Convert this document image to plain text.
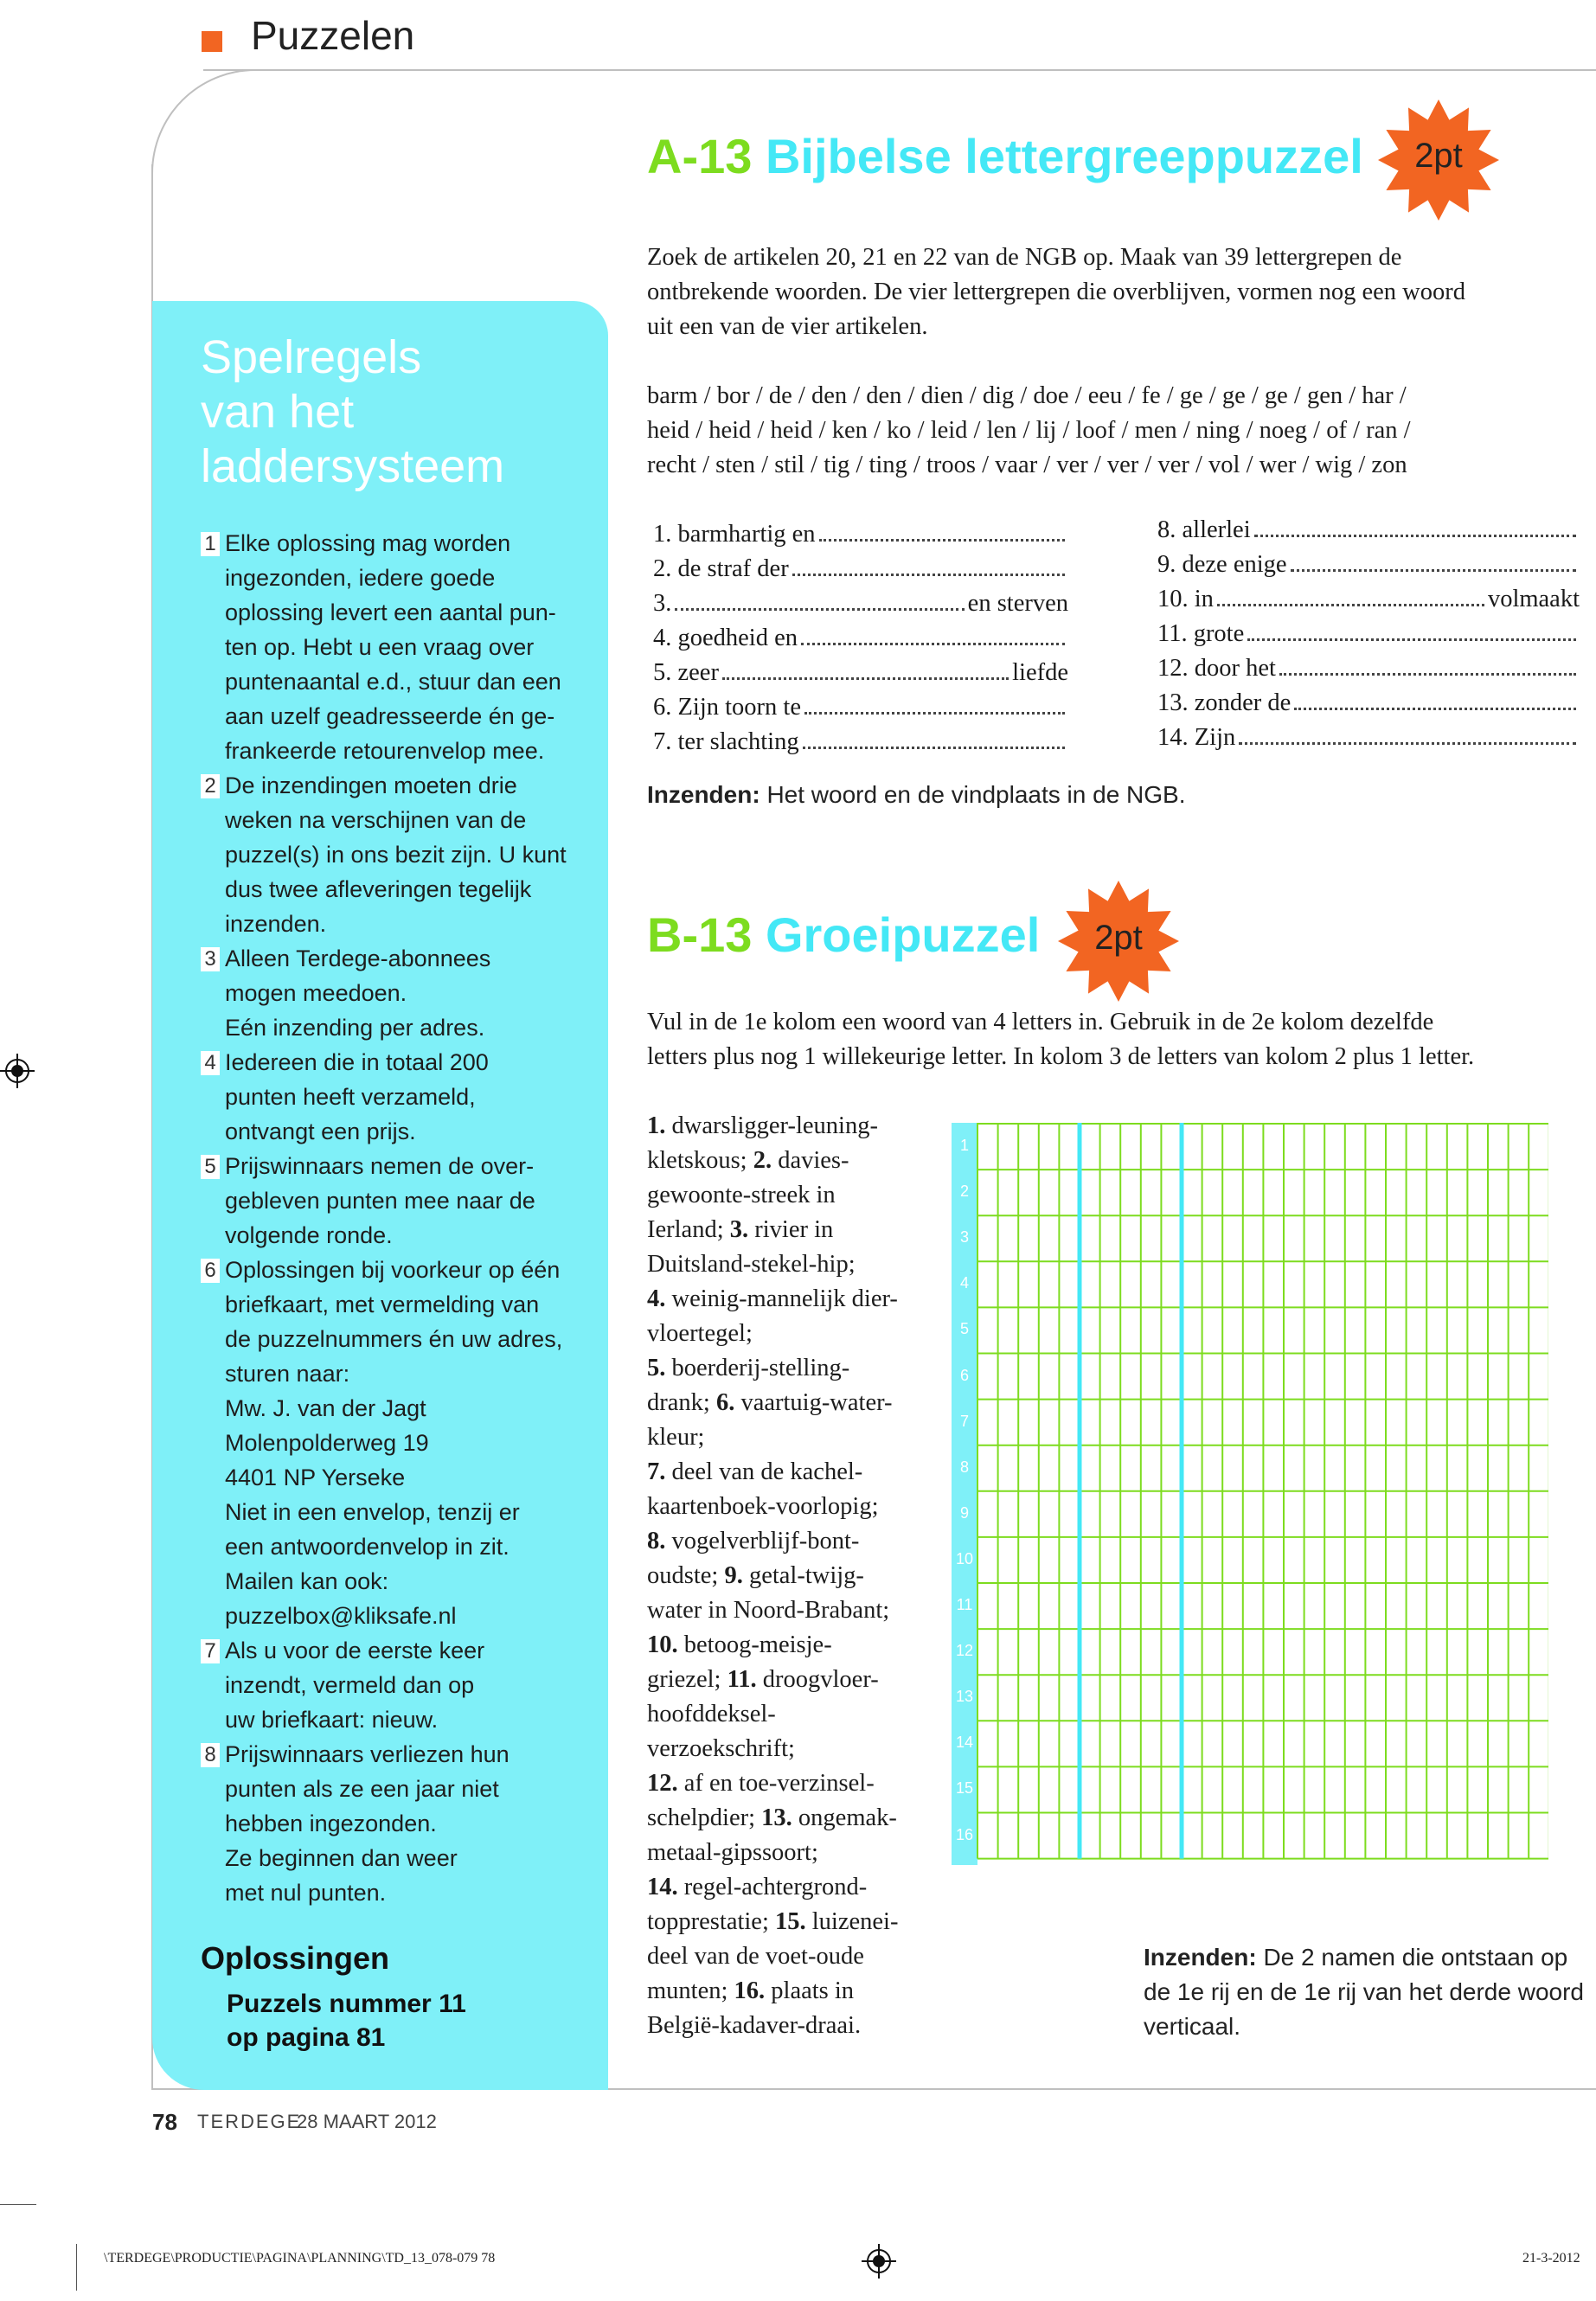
Puzzelen
Spelregels
van het
laddersysteem
1 Elke oplossing mag worden
ingezonden, iedere goede
oplossing levert een aantal pun-
ten op. Hebt u een vraag over
puntenaantal e.d., stuur dan een
aan uzelf geadresseerde én ge-
frankeerde retourenvelop mee.
2 De inzendingen moeten drie
weken na verschijnen van de
puzzel(s) in ons bezit zijn. U kunt
dus twee afleveringen tegelijk
inzenden.
3 Alleen Terdege-abonnees
mogen meedoen.
Eén inzending per adres.
4 Iedereen die in totaal 200
punten heeft verzameld,
ontvangt een prijs.
5 Prijswinnaars nemen de over-
gebleven punten mee naar de
volgende ronde.
6 Oplossingen bij voorkeur op één
briefkaart, met vermelding van
de puzzelnummers én uw adres,
sturen naar:
Mw. J. van der Jagt
Molenpolderweg 19
4401 NP Yerseke
Niet in een envelop, tenzij er
een antwoordenvelop in zit.
Mailen kan ook:
puzzelbox@kliksafe.nl
7 Als u voor de eerste keer
inzendt, vermeld dan op
uw briefkaart: nieuw.
8 Prijswinnaars verliezen hun
punten als ze een jaar niet
hebben ingezonden.
Ze beginnen dan weer
met nul punten.
Oplossingen
Puzzels nummer 11
op pagina 81
A-13 Bijbelse lettergreeppuzzel	2pt
Zoek de artikelen 20, 21 en 22 van de NGB op. Maak van 39 lettergrepen de
ontbrekende woorden. De vier lettergrepen die overblijven, vormen nog een woord
uit een van de vier artikelen.
barm / bor / de / den / den / dien / dig / doe / eeu / fe / ge / ge / ge / gen / har /
heid / heid / heid / ken / ko / leid / len / lij / loof / men / ning / noeg / of / ran /
recht / sten / stil / tig / ting / troos / vaar / ver / ver / ver / vol / wer / wig / zon
1. barmhartig en
2. de straf der
3.	en sterven
4. goedheid en
5. zeer	liefde
6. Zijn toorn te
7. ter slachting
8. allerlei
9. deze enige
10. in	volmaakt
11. grote
12. door het
13. zonder de
14. Zijn
Inzenden: Het woord en de vindplaats in de NGB.
B-13 Groeipuzzel	2pt
Vul in de 1e kolom een woord van 4 letters in. Gebruik in de 2e kolom dezelfde
letters plus nog 1 willekeurige letter. In kolom 3 de letters van kolom 2 plus 1 letter.
1. dwarsligger-leuning-
kletskous; 2. davies-
gewoonte-streek in
Ierland; 3. rivier in
Duitsland-stekel-hip;
4. weinig-mannelijk dier-
vloertegel;
5. boerderij-stelling-
drank; 6. vaartuig-water-
kleur;
7. deel van de kachel-
kaartenboek-voorlopig;
8. vogelverblijf-bont-
oudste; 9. getal-twijg-
water in Noord-Brabant;
10. betoog-meisje-
griezel; 11. droogvloer-
hoofddeksel-
verzoekschrift;
12. af en toe-verzinsel-
schelpdier; 13. ongemak-
metaal-gipssoort;
14. regel-achtergrond-
topprestatie; 15. luizenei-
deel van de voet-oude
munten; 16. plaats in
België-kadaver-draai.
1
2
3
4
5
6
7
8
9
10
11
12
13
14
15
16
Inzenden: De 2 namen die ontstaan op
de 1e rij en de 1e rij van het derde woord
verticaal.
78 TERDEGE
28 MAART 2012
\TERDEGE\PRODUCTIE\PAGINA\PLANNING\TD_13_078-079 78	21-3-2012
